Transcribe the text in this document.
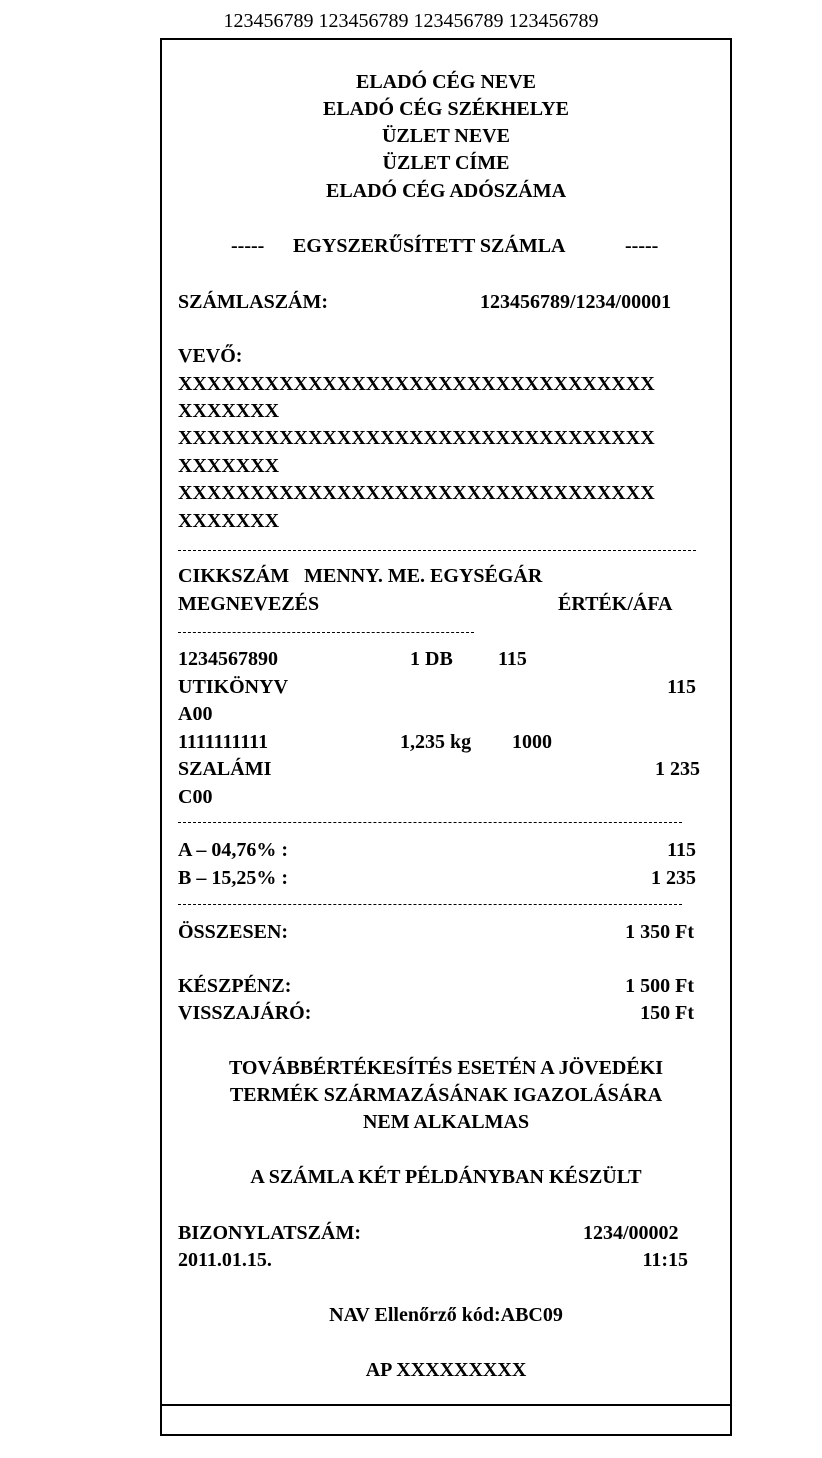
123456789 123456789 123456789 123456789
ELADÓ CÉG NEVE
ELADÓ CÉG SZÉKHELYE
ÜZLET NEVE
ÜZLET CÍME
ELADÓ CÉG ADÓSZÁMA
----- EGYSZERŰSÍTETT SZÁMLA	-----
SZÁMLASZÁM:	123456789/1234/00001
VEVŐ:
XXXXXXXXXXXXXXXXXXXXXXXXXXXXXXXXX
XXXXXXX
XXXXXXXXXXXXXXXXXXXXXXXXXXXXXXXXX
XXXXXXX
XXXXXXXXXXXXXXXXXXXXXXXXXXXXXXXXX
XXXXXXX
CIKKSZÁM   MENNY. ME. EGYSÉGÁR
MEGNEVEZÉS	ÉRTÉK/ÁFA
1234567890	1 DB 115
UTIKÖNYV	115
A00
1111111111	1,235 kg 1000
SZALÁMI	1 235
C00
A – 04,76% :	115
B – 15,25% :	1 235
ÖSSZESEN:	1 350 Ft
KÉSZPÉNZ:	1 500 Ft
VISSZAJÁRÓ:	150 Ft
TOVÁBBÉRTÉKESÍTÉS ESETÉN A JÖVEDÉKI
TERMÉK SZÁRMAZÁSÁNAK IGAZOLÁSÁRA
NEM ALKALMAS
A SZÁMLA KÉT PÉLDÁNYBAN KÉSZÜLT
BIZONYLATSZÁM:	1234/00002
2011.01.15.	11:15
NAV Ellenőrző kód:ABC09
AP XXXXXXXXX
